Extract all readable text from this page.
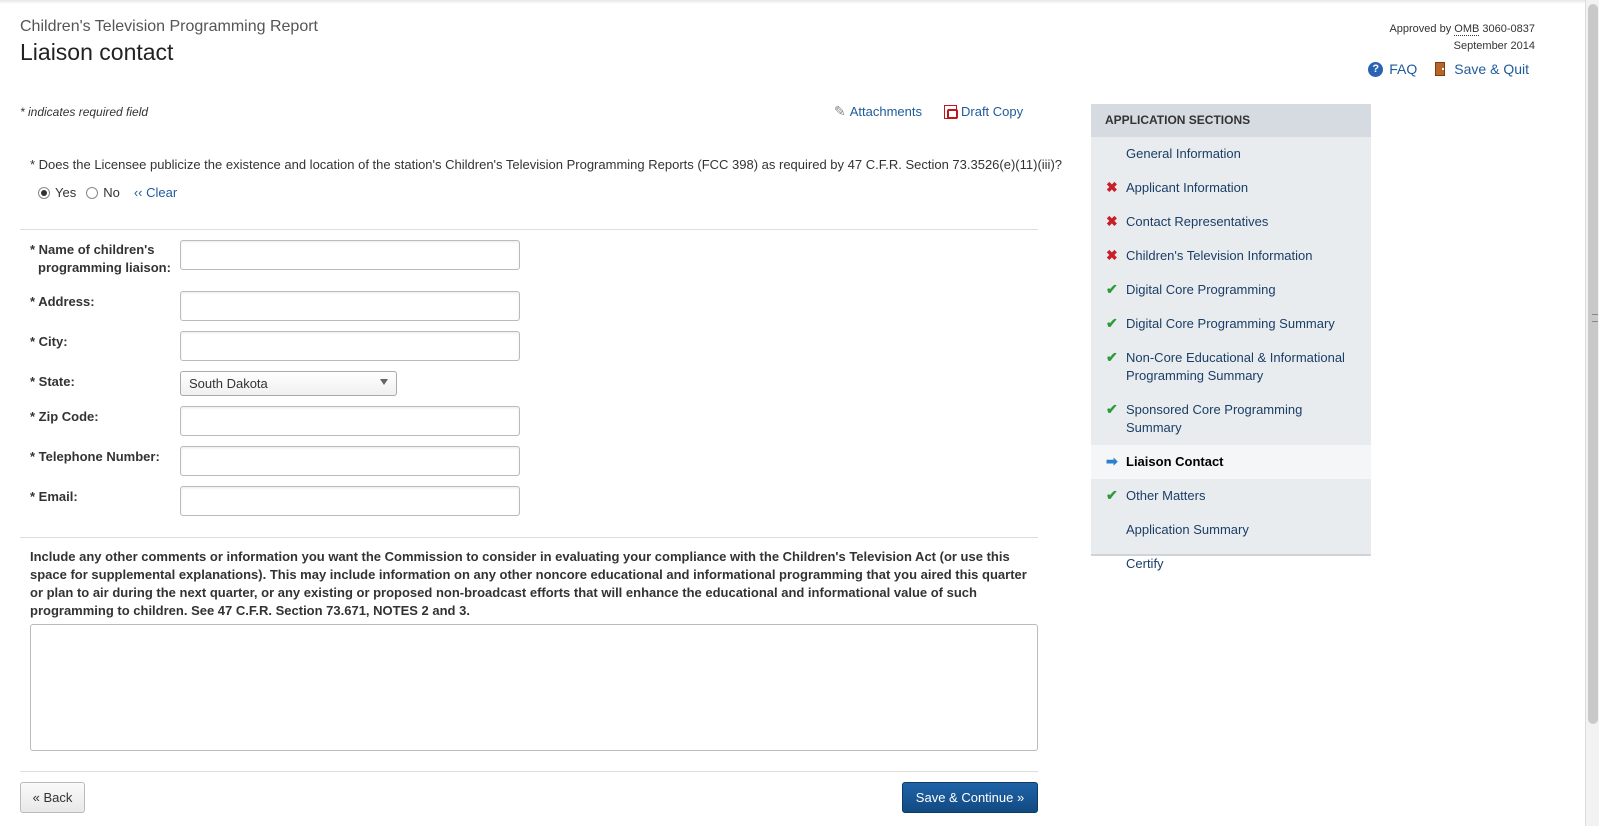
Children's Television Programming Report
Liaison contact
Approved by OMB 3060-0837
September 2014
? FAQ	Save & Quit
* indicates required field	✎ Attachments	Draft Copy
* Does the Licensee publicize the existence and location of the station's Children's Television Programming Reports (FCC 398) as required by 47 C.F.R. Section 73.3526(e)(11)(iii)?
Yes No ‹‹ Clear
* Name of children's
programming liaison:
* Address:
* City:
* State:	South Dakota
* Zip Code:
* Telephone Number:
* Email:
Include any other comments or information you want the Commission to consider in evaluating your compliance with the Children's Television Act (or use this space for supplemental explanations). This may include information on any other noncore educational and informational programming that you aired this quarter or plan to air during the next quarter, or any existing or proposed non-broadcast efforts that will enhance the educational and informational value of such programming to children. See 47 C.F.R. Section 73.671, NOTES 2 and 3.
« Back	Save & Continue »
APPLICATION SECTIONS
General Information
✖ Applicant Information
✖ Contact Representatives
✖ Children's Television Information
✔ Digital Core Programming
✔ Digital Core Programming Summary
✔ Non-Core Educational & Informational Programming Summary
✔ Sponsored Core Programming Summary
➡ Liaison Contact
✔ Other Matters
Application Summary
Certify
